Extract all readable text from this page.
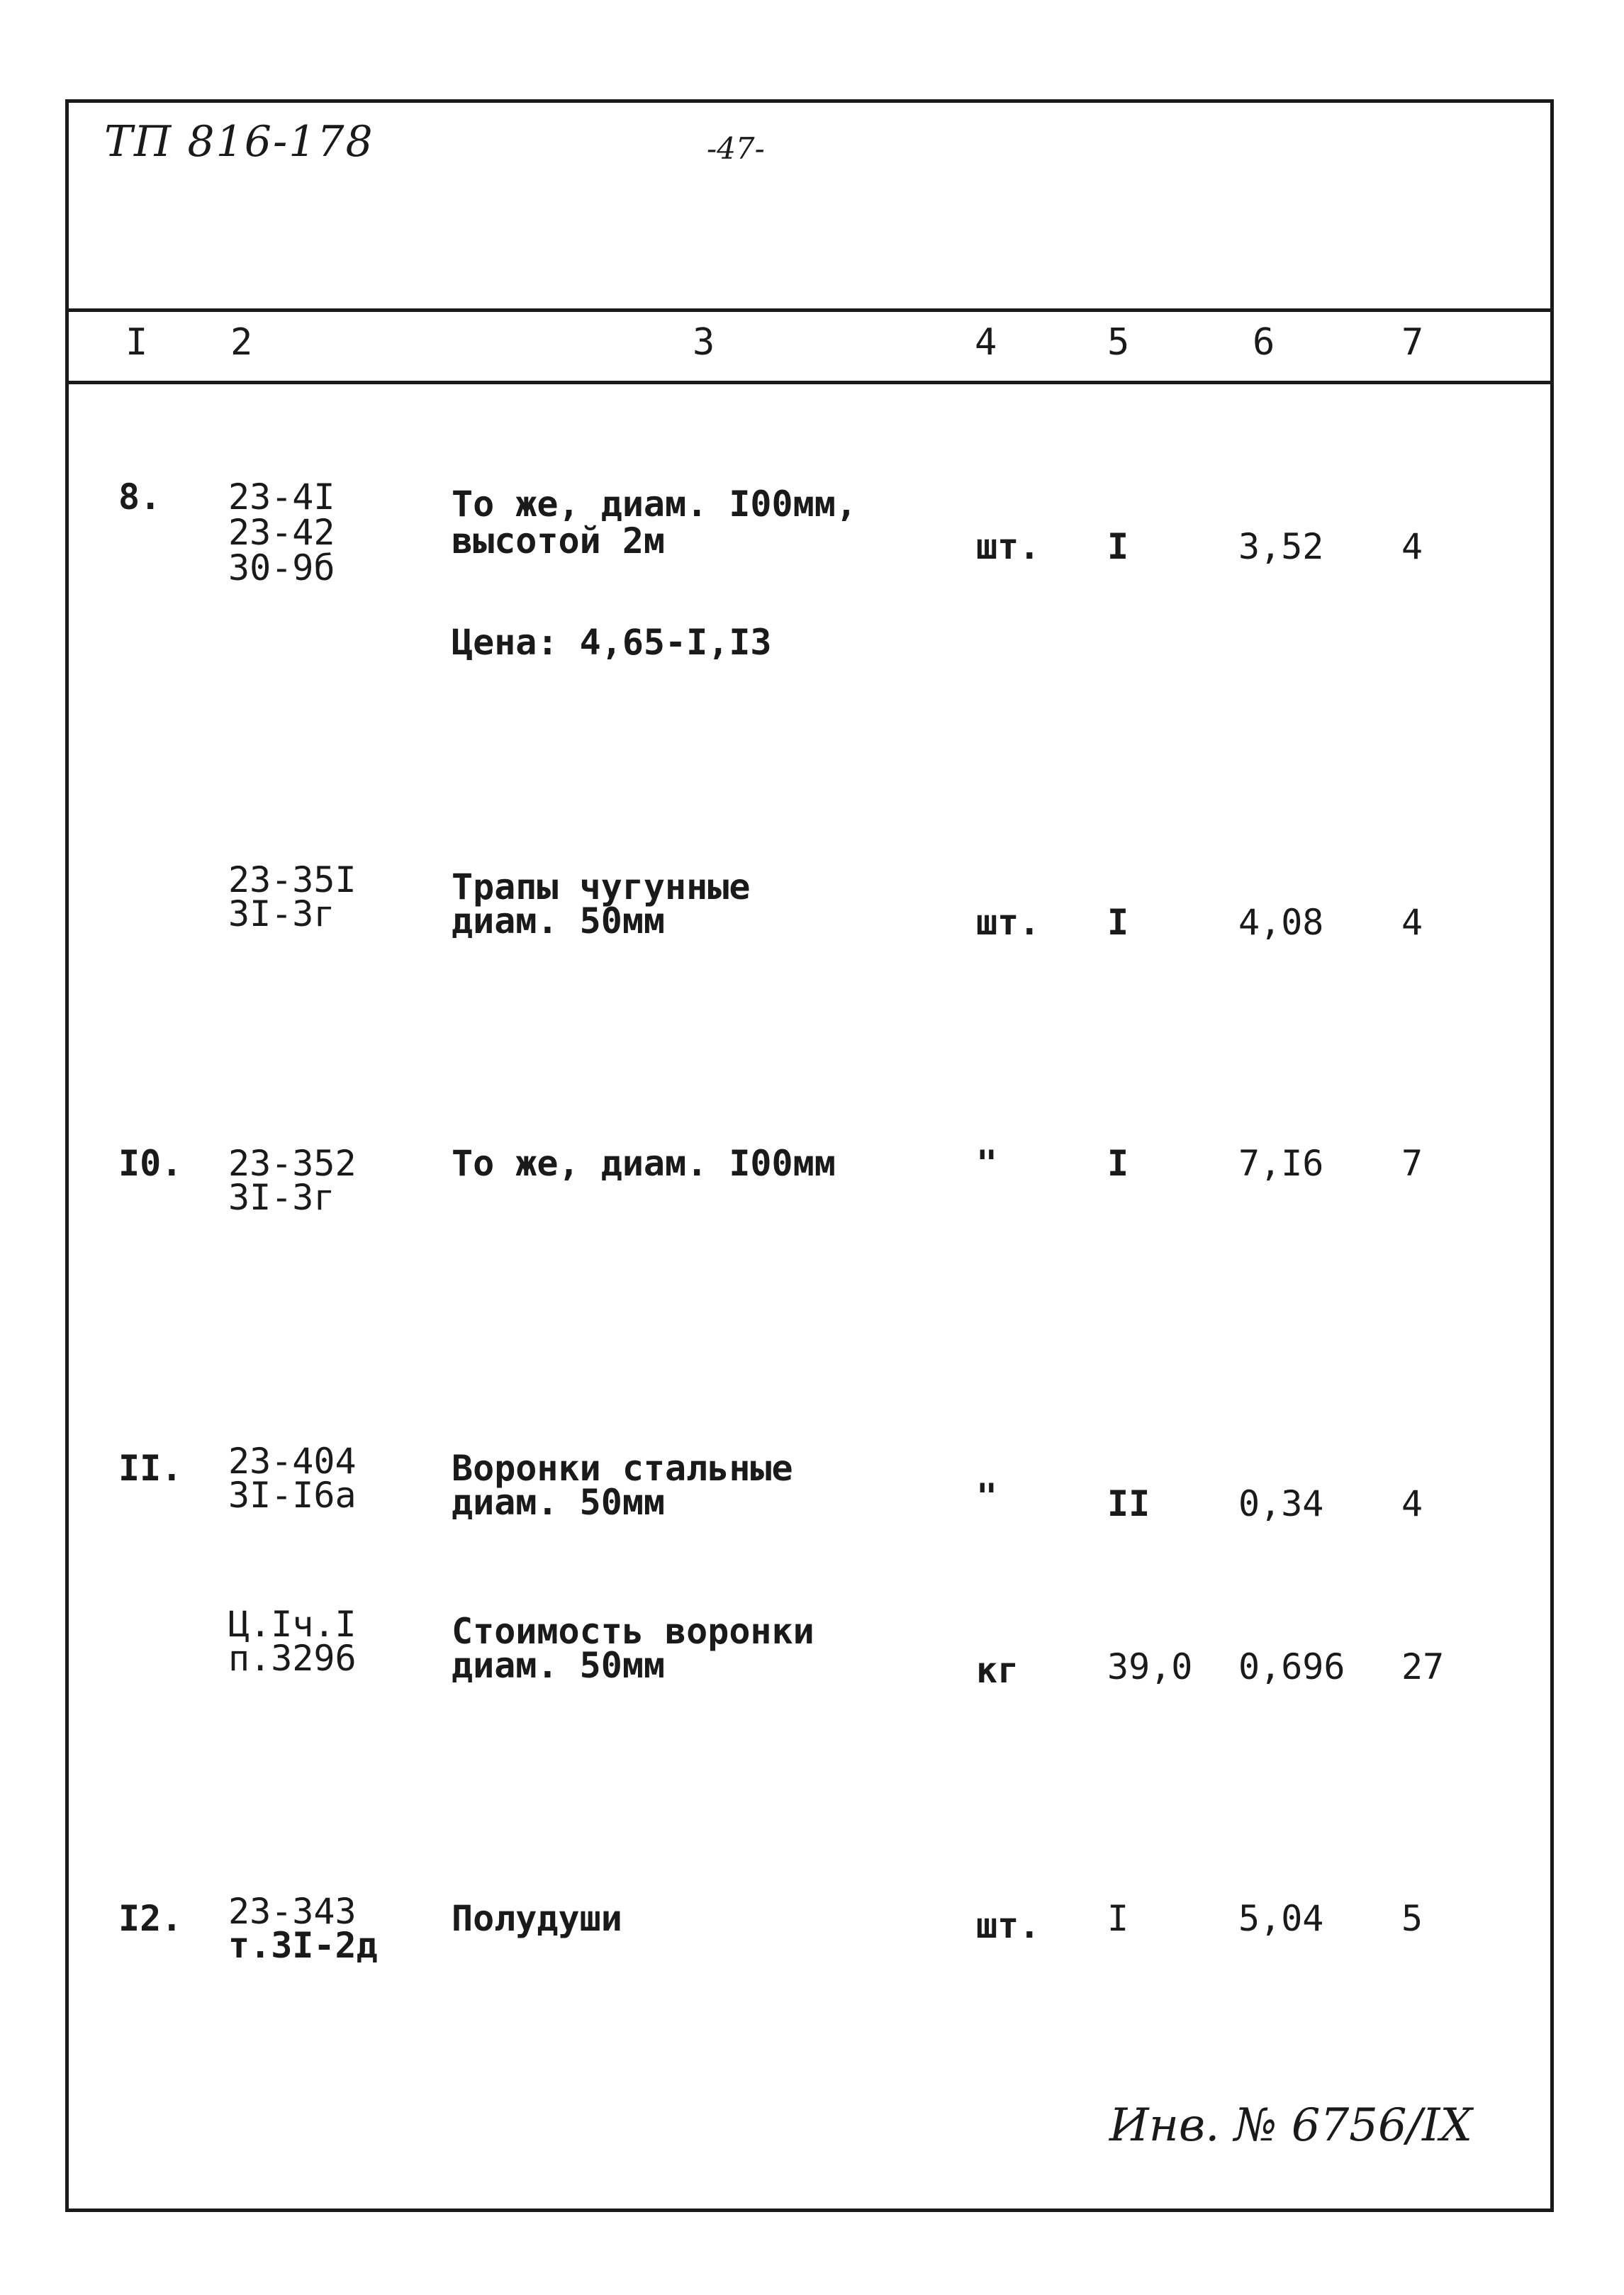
ТП 816-178	-47-
I 2	3	4	5	6	7
8. 23-4I
23-42
30-9б
То же, диам. I00мм,
высотой 2м	шт. I	3,52 4
Цена: 4,65-I,I3
23-35I
3I-3г
Трапы чугунные
диам. 50мм	шт. I	4,08 4
I0. 23-352
3I-3г
То же, диам. I00мм	"	I	7,I6 7
II. 23-404
3I-I6а
Воронки стальные
диам. 50мм	"	II 0,34 4
Ц.Iч.I
п.3296
Стоимость воронки
диам. 50мм	кг 39,0 0,696 27
I2. 23-343
т.3I-2д
Полудуши	шт. I	5,04 5
Инв. № 6756/IX
